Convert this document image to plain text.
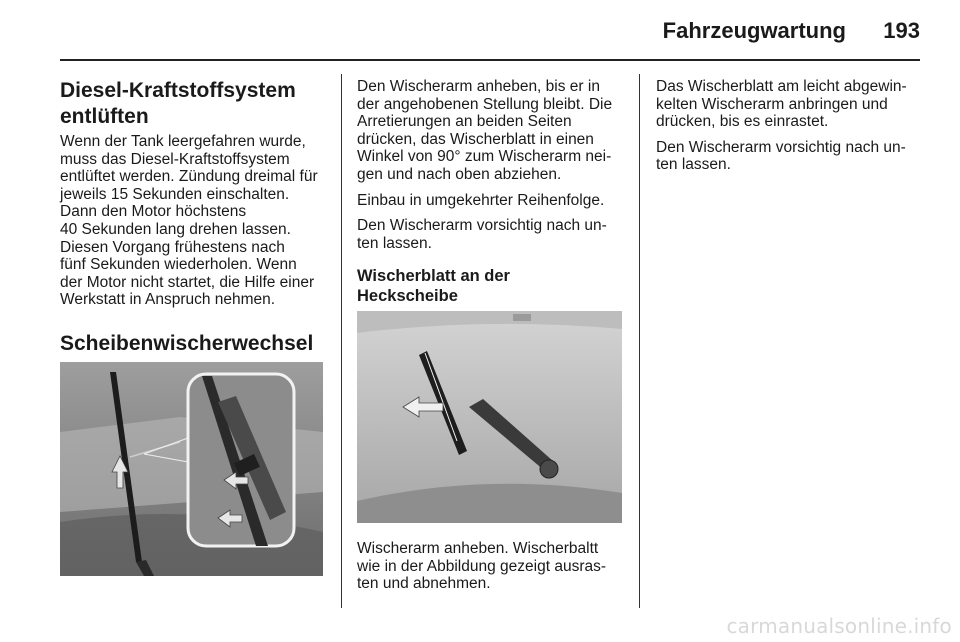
Fahrzeugwartung	193
Diesel-Kraftstoffsystem
entlüften

Wenn der Tank leergefahren wurde,
muss das Diesel-Kraftstoffsystem
entlüftet werden. Zündung dreimal für
jeweils 15 Sekunden einschalten.
Dann den Motor höchstens
40 Sekunden lang drehen lassen.
Diesen Vorgang frühestens nach
fünf Sekunden wiederholen. Wenn
der Motor nicht startet, die Hilfe einer
Werkstatt in Anspruch nehmen.

Scheibenwischerwechsel

Den Wischerarm anheben, bis er in
der angehobenen Stellung bleibt. Die
Arretierungen an beiden Seiten
drücken, das Wischerblatt in einen
Winkel von 90° zum Wischerarm nei-
gen und nach oben abziehen.

Einbau in umgekehrter Reihenfolge.

Den Wischerarm vorsichtig nach un-
ten lassen.

Wischerblatt an der
Heckscheibe

Wischerarm anheben. Wischerbaltt
wie in der Abbildung gezeigt ausras-
ten und abnehmen.

Das Wischerblatt am leicht abgewin-
kelten Wischerarm anbringen und
drücken, bis es einrastet.

Den Wischerarm vorsichtig nach un-
ten lassen.

carmanualsonline.info
